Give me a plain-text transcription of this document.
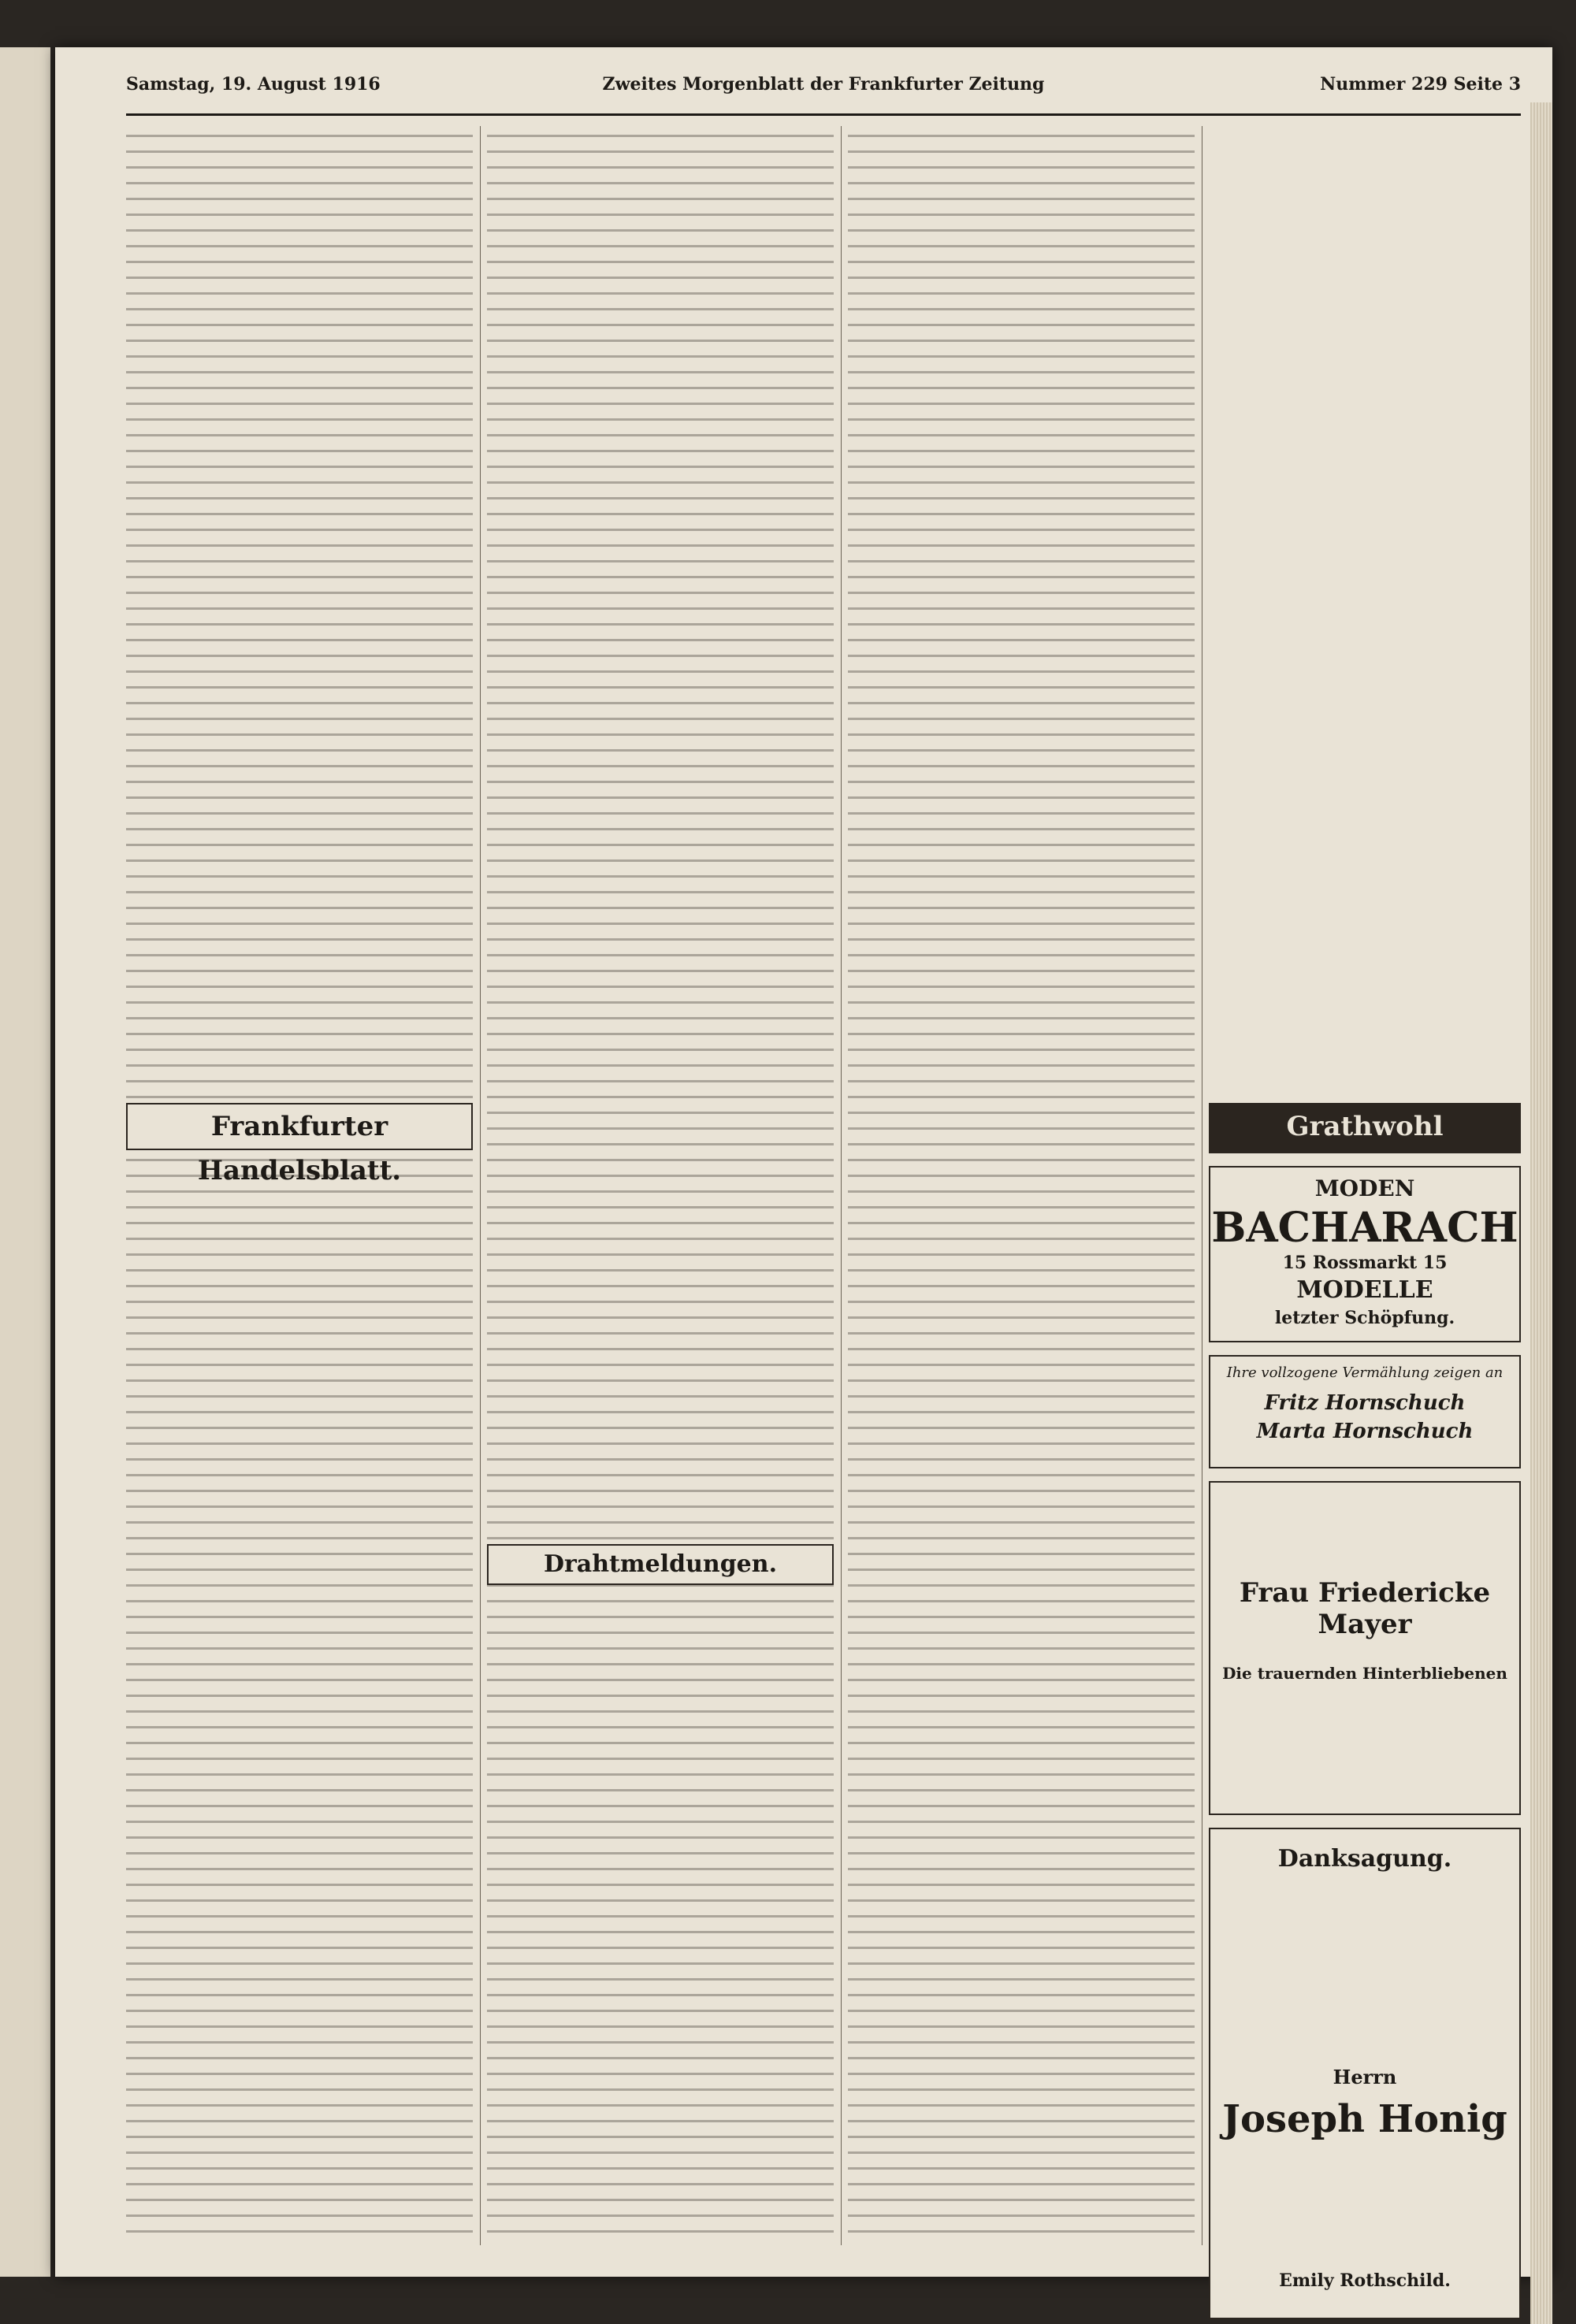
Samstag, 19. August 1916	Zweites Morgenblatt der Frankfurter Zeitung	Nummer 229 Seite 3
Frankfurter Handelsblatt.
Drahtmeldungen.
Grathwohl
MODEN
BACHARACH
15 Rossmarkt 15
MODELLE
letzter Schöpfung.
Ihre vollzogene Vermählung zeigen an
Fritz Hornschuch
Marta Hornschuch
Frau Friedericke Mayer
Die trauernden Hinterbliebenen
Danksagung.
Herrn
Joseph Honig
Emily Rothschild.
